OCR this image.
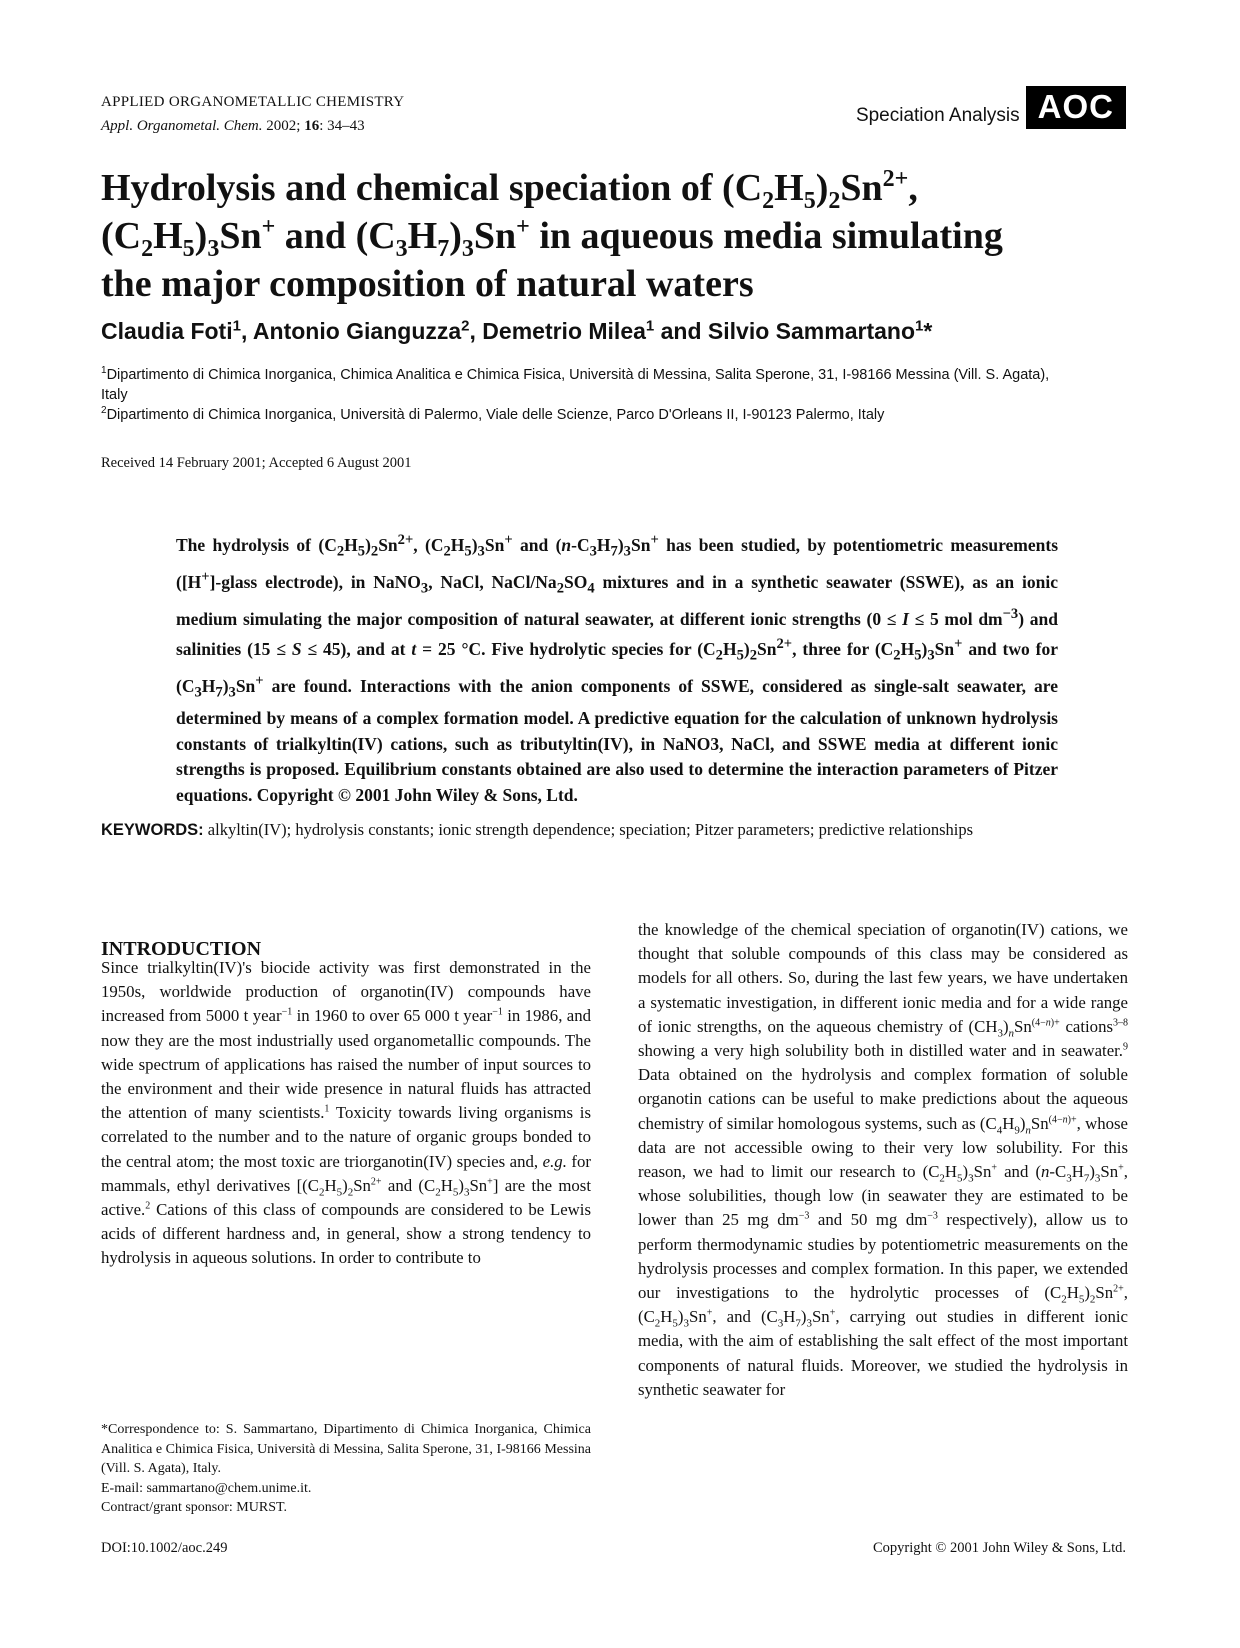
APPLIED ORGANOMETALLIC CHEMISTRY
Appl. Organometal. Chem. 2002; 16: 34–43	Speciation Analysis AOC
Hydrolysis and chemical speciation of $(C_2H_5)_2Sn^{2+}$,
$(C_2H_5)_3Sn^+$ and $(C_3H_7)_3Sn^+$ in aqueous media simulating
the major composition of natural waters
Claudia Foti$^1$, Antonio Gianguzza$^2$, Demetrio Milea$^1$ and Silvio Sammartano$^1$*
$^1$Dipartimento di Chimica Inorganica, Chimica Analitica e Chimica Fisica, Università di Messina, Salita Sperone, 31, I-98166 Messina (Vill. S. Agata), Italy
$^2$Dipartimento di Chimica Inorganica, Università di Palermo, Viale delle Scienze, Parco D'Orleans II, I-90123 Palermo, Italy
Received 14 February 2001; Accepted 6 August 2001

The hydrolysis of $(C_2H_5)_2Sn^{2+}$, $(C_2H_5)_3Sn^+$ and $(n-C_3H_7)_3Sn^+$ has been studied, by potentiometric measurements ([H+]-glass electrode), in NaNO$_3$, NaCl, NaCl/$Na_2SO_4$ mixtures and in a synthetic seawater (SSWE), as an ionic medium simulating the major composition of natural seawater, at different ionic strengths (0 ≤ I ≤ 5 mol $dm^{-3}$) and salinities (15 ≤ S ≤ 45), and at t = 25 °C. Five hydrolytic species for $(C_2H_5)_2Sn^{2+}$, three for $(C_2H_5)_3Sn^+$ and two for $(C_3H_7)_3Sn^+$ are found. Interactions with the anion components of SSWE, considered as single-salt seawater, are determined by means of a complex formation model. A predictive equation for the calculation of unknown hydrolysis constants of trialkyltin(IV) cations, such as tributyltin(IV), in NaNO3, NaCl, and SSWE media at different ionic strengths is proposed. Equilibrium constants obtained are also used to determine the interaction parameters of Pitzer equations. Copyright © 2001 John Wiley & Sons, Ltd.

KEYWORDS: alkyltin(IV); hydrolysis constants; ionic strength dependence; speciation; Pitzer parameters; predictive relationships
INTRODUCTION

Since trialkyltin(IV)'s biocide activity was first demonstrated in the 1950s, worldwide production of organotin(IV) compounds have increased from 5000 t year$^{-1}$ in 1960 to over 65 000 t year$^{-1}$ in 1986, and now they are the most industrially used organometallic compounds. The wide spectrum of applications has raised the number of input sources to the environment and their wide presence in natural fluids has attracted the attention of many scientists.$^1$ Toxicity towards living organisms is correlated to the number and to the nature of organic groups bonded to the central atom; the most toxic are triorganotin(IV) species and, e.g. for mammals, ethyl derivatives [$(C_2H_5)_2Sn^{2+}$ and $(C_2H_5)_3Sn^+$] are the most active.$^2$ Cations of this class of compounds are considered to be Lewis acids of different hardness and, in general, show a strong tendency to hydrolysis in aqueous solutions. In order to contribute to

the knowledge of the chemical speciation of organotin(IV) cations, we thought that soluble compounds of this class may be considered as models for all others. So, during the last few years, we have undertaken a systematic investigation, in different ionic media and for a wide range of ionic strengths, on the aqueous chemistry of $(CH_3)_nSn^{(4-n)+}$ cations$^{3-8}$ showing a very high solubility both in distilled water and in seawater.$^9$ Data obtained on the hydrolysis and complex formation of soluble organotin cations can be useful to make predictions about the aqueous chemistry of similar homologous systems, such as $(C_4H_9)_nSn^{(4-n)+}$, whose data are not accessible owing to their very low solubility. For this reason, we had to limit our research to $(C_2H_5)_3Sn^+$ and $(n-C_3H_7)_3Sn^+$, whose solubilities, though low (in seawater they are estimated to be lower than 25 mg $dm^{-3}$ and 50 mg $dm^{-3}$ respectively), allow us to perform thermodynamic studies by potentiometric measurements on the hydrolysis processes and complex formation. In this paper, we extended our investigations to the hydrolytic processes of $(C_2H_5)_2Sn^{2+}$, $(C_2H_5)_3Sn^+$, and $(C_3H_7)_3Sn^+$, carrying out studies in different ionic media, with the aim of establishing the salt effect of the most important components of natural fluids. Moreover, we studied the hydrolysis in synthetic seawater for

*Correspondence to: S. Sammartano, Dipartimento di Chimica Inorganica, Chimica Analitica e Chimica Fisica, Università di Messina, Salita Sperone, 31, I-98166 Messina (Vill. S. Agata), Italy.
E-mail: sammartano@chem.unime.it.
Contract/grant sponsor: MURST.
DOI:10.1002/aoc.249	Copyright © 2001 John Wiley & Sons, Ltd.
